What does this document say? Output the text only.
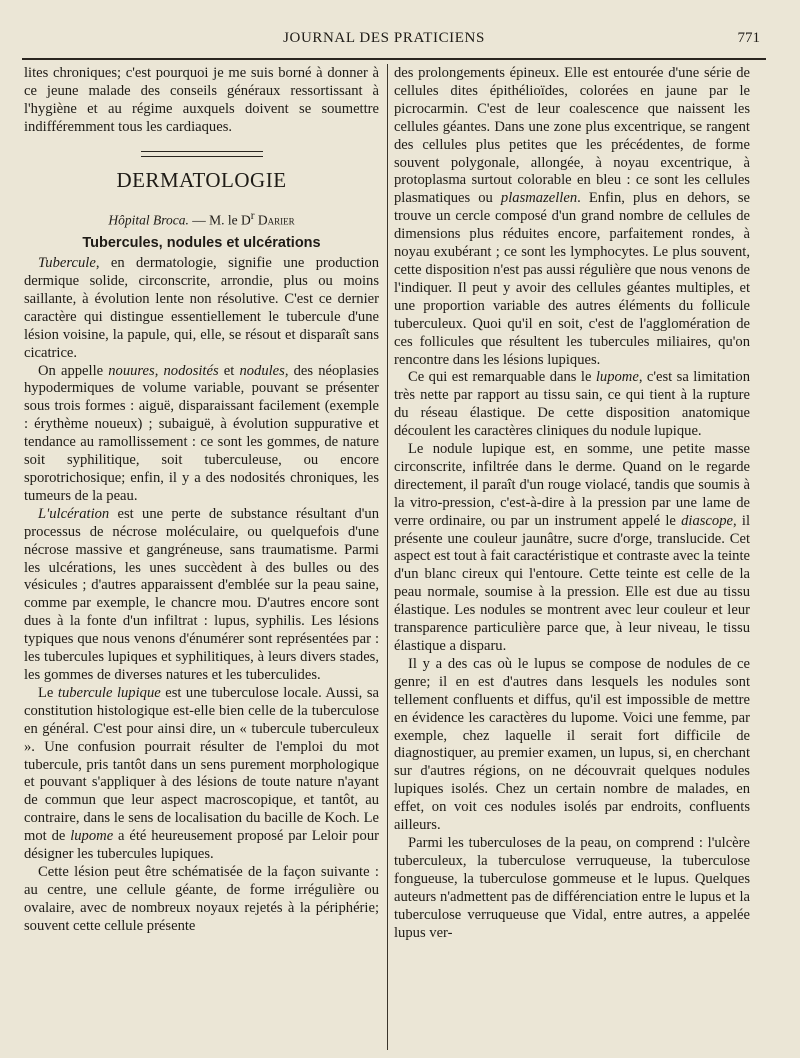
JOURNAL DES PRATICIENS	771

lites chroniques; c'est pourquoi je me suis borné à donner à ce jeune malade des conseils généraux ressortissant à l'hygiène et au régime auxquels doivent se soumettre indifféremment tous les cardiaques.

DERMATOLOGIE
Hôpital Broca. — M. le $D^r$ Darier
Tubercules, nodules et ulcérations

Tubercule, en dermatologie, signifie une production dermique solide, circonscrite, arrondie, plus ou moins saillante, à évolution lente non résolutive. C'est ce dernier caractère qui distingue essentiellement le tubercule d'une lésion voisine, la papule, qui, elle, se résout et disparaît sans cicatrice.

On appelle nouures, nodosités et nodules, des néoplasies hypodermiques de volume variable, pouvant se présenter sous trois formes : aiguë, disparaissant facilement (exemple : érythème noueux) ; subaiguë, à évolution suppurative et tendance au ramollissement : ce sont les gommes, de nature soit syphilitique, soit tuberculeuse, ou encore sporotrichosique; enfin, il y a des nodosités chroniques, les tumeurs de la peau.

L'ulcération est une perte de substance résultant d'un processus de nécrose moléculaire, ou quelquefois d'une nécrose massive et gangréneuse, sans traumatisme. Parmi les ulcérations, les unes succèdent à des bulles ou des vésicules ; d'autres apparaissent d'emblée sur la peau saine, comme par exemple, le chancre mou. D'autres encore sont dues à la fonte d'un infiltrat : lupus, syphilis. Les lésions typiques que nous venons d'énumérer sont représentées par : les tubercules lupiques et syphilitiques, à leurs divers stades, les gommes de diverses natures et les tuberculides.

Le tubercule lupique est une tuberculose locale. Aussi, sa constitution histologique est-elle bien celle de la tuberculose en général. C'est pour ainsi dire, un « tubercule tuberculeux ». Une confusion pourrait résulter de l'emploi du mot tubercule, pris tantôt dans un sens purement morphologique et pouvant s'appliquer à des lésions de toute nature n'ayant de commun que leur aspect macroscopique, et tantôt, au contraire, dans le sens de localisation du bacille de Koch. Le mot de lupome a été heureusement proposé par Leloir pour désigner les tubercules lupiques.

Cette lésion peut être schématisée de la façon suivante : au centre, une cellule géante, de forme irrégulière ou ovalaire, avec de nombreux noyaux rejetés à la périphérie; souvent cette cellule présente

des prolongements épineux. Elle est entourée d'une série de cellules dites épithélioïdes, colorées en jaune par le picrocarmin. C'est de leur coalescence que naissent les cellules géantes. Dans une zone plus excentrique, se rangent des cellules plus petites que les précédentes, de forme souvent polygonale, allongée, à noyau excentrique, à protoplasma surtout colorable en bleu : ce sont les cellules plasmatiques ou plasmazellen. Enfin, plus en dehors, se trouve un cercle composé d'un grand nombre de cellules de dimensions plus réduites encore, parfaitement rondes, à noyau exubérant ; ce sont les lymphocytes. Le plus souvent, cette disposition n'est pas aussi régulière que nous venons de l'indiquer. Il peut y avoir des cellules géantes multiples, et une proportion variable des autres éléments du follicule tuberculeux. Quoi qu'il en soit, c'est de l'agglomération de ces follicules que résultent les tubercules miliaires, qu'on rencontre dans les lésions lupiques.

Ce qui est remarquable dans le lupome, c'est sa limitation très nette par rapport au tissu sain, ce qui tient à la rupture du réseau élastique. De cette disposition anatomique découlent les caractères cliniques du nodule lupique.

Le nodule lupique est, en somme, une petite masse circonscrite, infiltrée dans le derme. Quand on le regarde directement, il paraît d'un rouge violacé, tandis que soumis à la vitro-pression, c'est-à-dire à la pression par une lame de verre ordinaire, ou par un instrument appelé le diascope, il présente une couleur jaunâtre, sucre d'orge, translucide. Cet aspect est tout à fait caractéristique et contraste avec la teinte d'un blanc cireux qui l'entoure. Cette teinte est celle de la peau normale, soumise à la pression. Elle est due au tissu élastique. Les nodules se montrent avec leur couleur et leur transparence particulière parce que, à leur niveau, le tissu élastique a disparu.

Il y a des cas où le lupus se compose de nodules de ce genre; il en est d'autres dans lesquels les nodules sont tellement confluents et diffus, qu'il est impossible de mettre en évidence les caractères du lupome. Voici une femme, par exemple, chez laquelle il serait fort difficile de diagnostiquer, au premier examen, un lupus, si, en cherchant sur d'autres régions, on ne découvrait quelques nodules lupiques isolés. Chez un certain nombre de malades, en effet, on voit ces nodules isolés par endroits, confluents ailleurs.

Parmi les tuberculoses de la peau, on comprend : l'ulcère tuberculeux, la tuberculose verruqueuse, la tuberculose fongueuse, la tuberculose gommeuse et le lupus. Quelques auteurs n'admettent pas de différenciation entre le lupus et la tuberculose verruqueuse que Vidal, entre autres, a appelée lupus ver-
